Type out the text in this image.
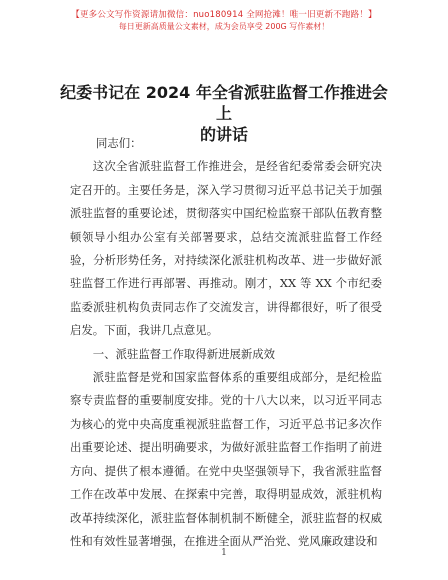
【更多公文写作资源请加微信：nuo180914 全网抢滩！唯一旧更新不跑路！】
每日更新高质量公文素材，成为会员享受 200G 写作素材！
纪委书记在 2024 年全省派驻监督工作推进会上
的讲话

同志们：

这次全省派驻监督工作推进会，是经省纪委常委会研究决定召开的。主要任务是，深入学习贯彻习近平总书记关于加强派驻监督的重要论述，贯彻落实中国纪检监察干部队伍教育整顿领导小组办公室有关部署要求，总结交流派驻监督工作经验，分析形势任务，对持续深化派驻机构改革、进一步做好派驻监督工作进行再部署、再推动。刚才，XX 等 XX 个市纪委监委派驻机构负责同志作了交流发言，讲得都很好，听了很受启发。下面，我讲几点意见。

一、派驻监督工作取得新进展新成效

派驻监督是党和国家监督体系的重要组成部分，是纪检监察专责监督的重要制度安排。党的十八大以来，以习近平同志为核心的党中央高度重视派驻监督工作，习近平总书记多次作出重要论述、提出明确要求，为做好派驻监督工作指明了前进方向、提供了根本遵循。在党中央坚强领导下，我省派驻监督工作在改革中发展、在探索中完善，取得明显成效，派驻机构改革持续深化，派驻监督体制机制不断健全，派驻监督的权威性和有效性显著增强，在推进全面从严治党、党风廉政建设和

1
